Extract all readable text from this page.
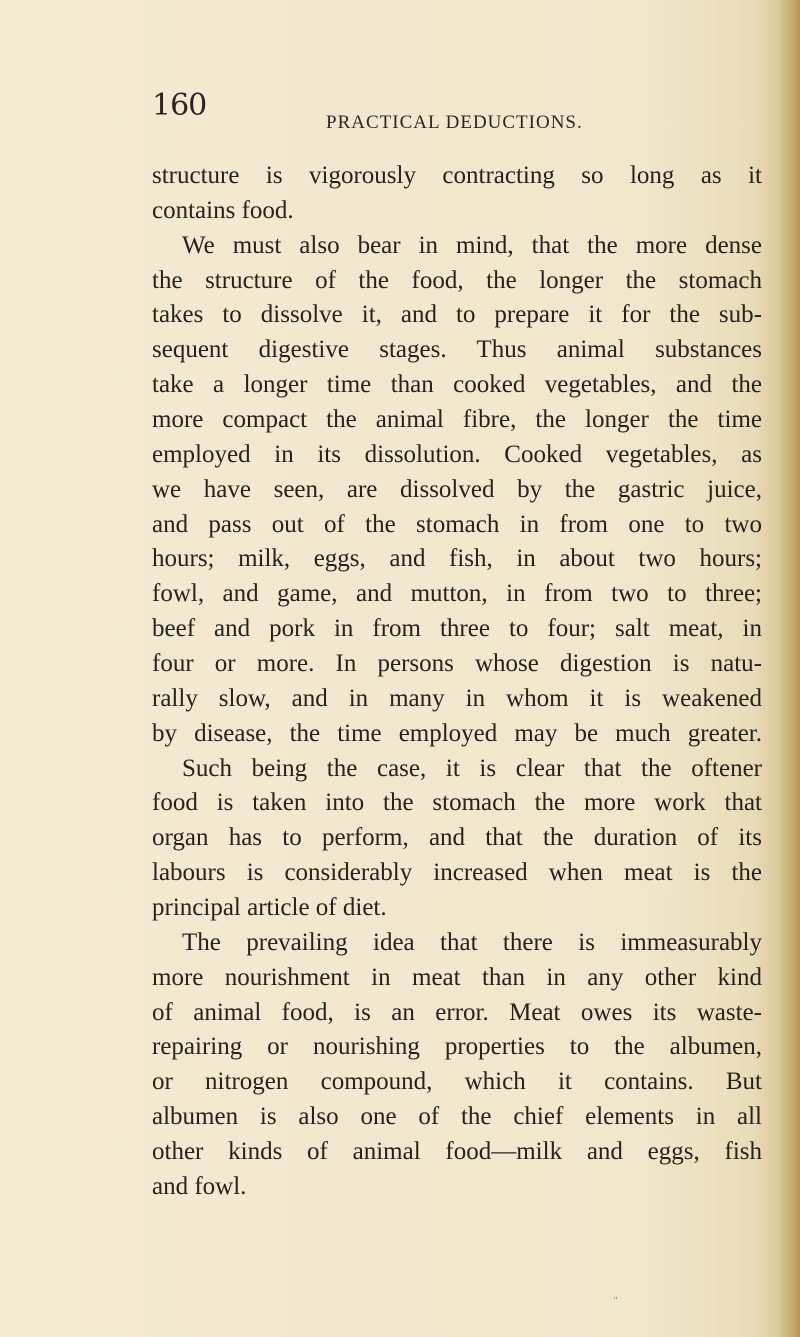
160	PRACTICAL DEDUCTIONS.
structure is vigorously contracting so long as it
contains food.
We must also bear in mind, that the more dense
the structure of the food, the longer the stomach
takes to dissolve it, and to prepare it for the sub-
sequent digestive stages. Thus animal substances
take a longer time than cooked vegetables, and the
more compact the animal fibre, the longer the time
employed in its dissolution. Cooked vegetables, as
we have seen, are dissolved by the gastric juice,
and pass out of the stomach in from one to two
hours; milk, eggs, and fish, in about two hours;
fowl, and game, and mutton, in from two to three;
beef and pork in from three to four; salt meat, in
four or more. In persons whose digestion is natu-
rally slow, and in many in whom it is weakened
by disease, the time employed may be much greater.
Such being the case, it is clear that the oftener
food is taken into the stomach the more work that
organ has to perform, and that the duration of its
labours is considerably increased when meat is the
principal article of diet.
The prevailing idea that there is immeasurably
more nourishment in meat than in any other kind
of animal food, is an error. Meat owes its waste-
repairing or nourishing properties to the albumen,
or nitrogen compound, which it contains. But
albumen is also one of the chief elements in all
other kinds of animal food—milk and eggs, fish
and fowl.
¨
